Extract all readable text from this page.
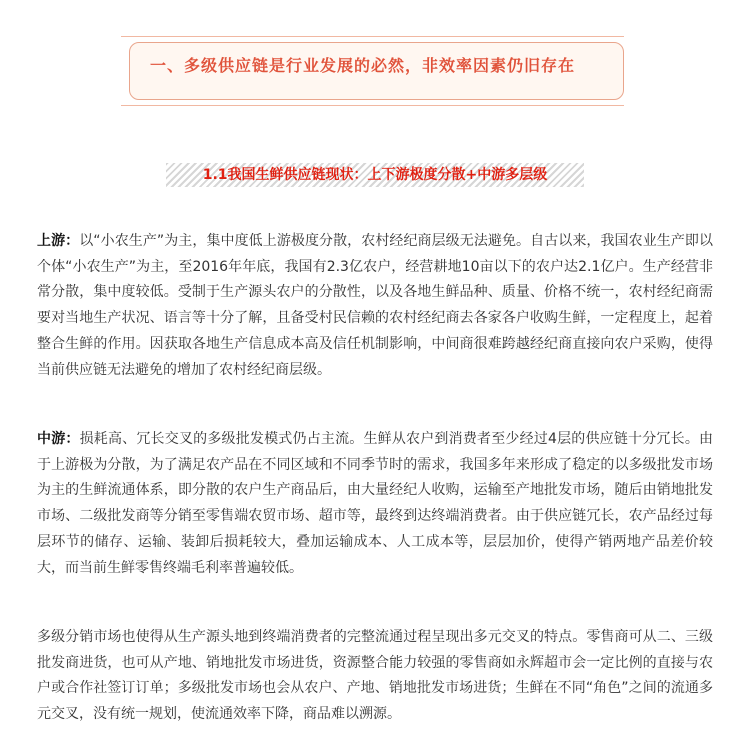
一、多级供应链是行业发展的必然，非效率因素仍旧存在

1.1我国生鲜供应链现状：上下游极度分散+中游多层级

上游：以“小农生产”为主，集中度低上游极度分散，农村经纪商层级无法避免。自古以来，我国农业生产即以个体“小农生产”为主，至2016年年底，我国有2.3亿农户，经营耕地10亩以下的农户达2.1亿户。生产经营非常分散，集中度较低。受制于生产源头农户的分散性，以及各地生鲜品种、质量、价格不统一，农村经纪商需要对当地生产状况、语言等十分了解，且备受村民信赖的农村经纪商去各家各户收购生鲜，一定程度上，起着整合生鲜的作用。因获取各地生产信息成本高及信任机制影响，中间商很难跨越经纪商直接向农户采购，使得当前供应链无法避免的增加了农村经纪商层级。

中游：损耗高、冗长交叉的多级批发模式仍占主流。生鲜从农户到消费者至少经过4层的供应链十分冗长。由于上游极为分散，为了满足农产品在不同区域和不同季节时的需求，我国多年来形成了稳定的以多级批发市场为主的生鲜流通体系，即分散的农户生产商品后，由大量经纪人收购，运输至产地批发市场，随后由销地批发市场、二级批发商等分销至零售端农贸市场、超市等，最终到达终端消费者。由于供应链冗长，农产品经过每层环节的储存、运输、装卸后损耗较大，叠加运输成本、人工成本等，层层加价，使得产销两地产品差价较大，而当前生鲜零售终端毛利率普遍较低。

多级分销市场也使得从生产源头地到终端消费者的完整流通过程呈现出多元交叉的特点。零售商可从二、三级批发商进货，也可从产地、销地批发市场进货，资源整合能力较强的零售商如永辉超市会一定比例的直接与农户或合作社签订订单；多级批发市场也会从农户、产地、销地批发市场进货；生鲜在不同“角色”之间的流通多元交叉，没有统一规划，使流通效率下降，商品难以溯源。
